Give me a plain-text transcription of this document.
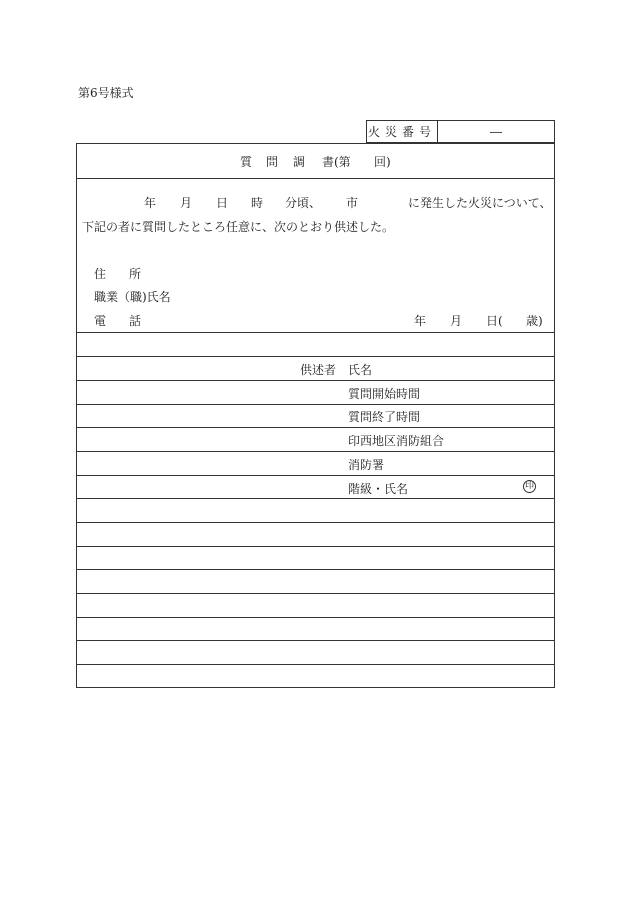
第6号様式
火災番号	―
質 問 調 書(第 回)
年 月 日 時 分頃、 市	に発生した火災について、
下記の者に質問したところ任意に、次のとおり供述した。
住 所
職業（職)氏名
電 話	年 月 日( 歳)
供述者 氏名
質問開始時間
質問終了時間
印西地区消防組合
消防署
階級・氏名	印
